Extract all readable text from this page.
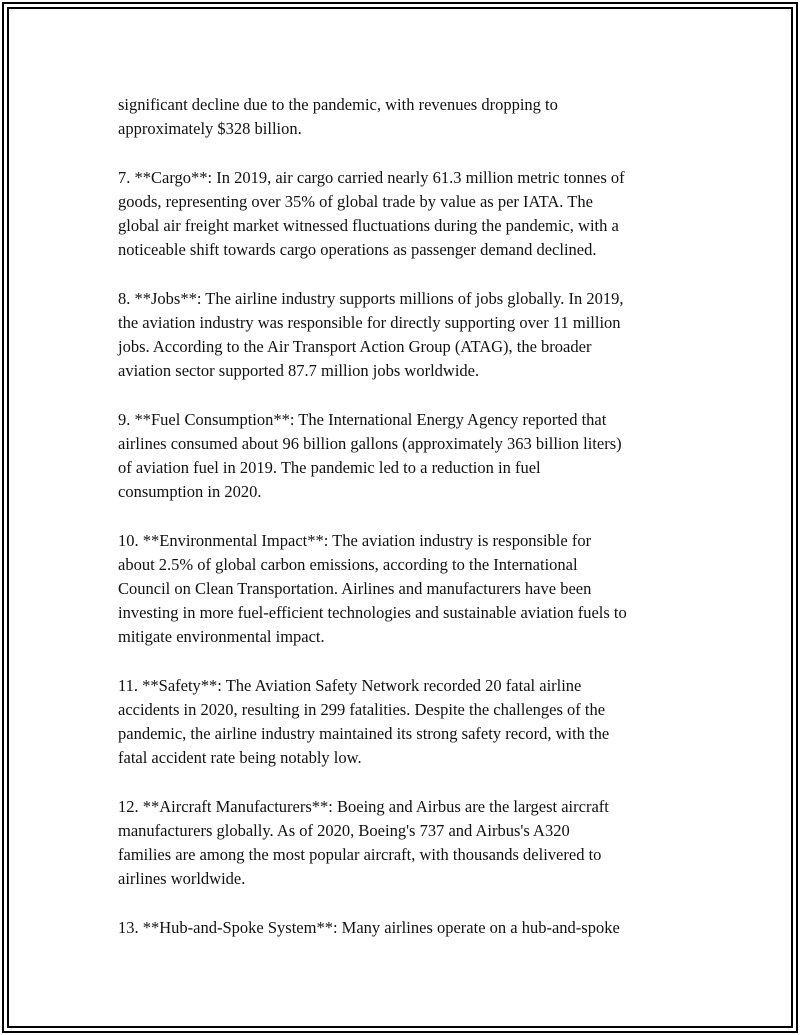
significant decline due to the pandemic, with revenues dropping to
approximately $328 billion.

7. **Cargo**: In 2019, air cargo carried nearly 61.3 million metric tonnes of
goods, representing over 35% of global trade by value as per IATA. The
global air freight market witnessed fluctuations during the pandemic, with a
noticeable shift towards cargo operations as passenger demand declined.

8. **Jobs**: The airline industry supports millions of jobs globally. In 2019,
the aviation industry was responsible for directly supporting over 11 million
jobs. According to the Air Transport Action Group (ATAG), the broader
aviation sector supported 87.7 million jobs worldwide.

9. **Fuel Consumption**: The International Energy Agency reported that
airlines consumed about 96 billion gallons (approximately 363 billion liters)
of aviation fuel in 2019. The pandemic led to a reduction in fuel
consumption in 2020.

10. **Environmental Impact**: The aviation industry is responsible for
about 2.5% of global carbon emissions, according to the International
Council on Clean Transportation. Airlines and manufacturers have been
investing in more fuel-efficient technologies and sustainable aviation fuels to
mitigate environmental impact.

11. **Safety**: The Aviation Safety Network recorded 20 fatal airline
accidents in 2020, resulting in 299 fatalities. Despite the challenges of the
pandemic, the airline industry maintained its strong safety record, with the
fatal accident rate being notably low.

12. **Aircraft Manufacturers**: Boeing and Airbus are the largest aircraft
manufacturers globally. As of 2020, Boeing's 737 and Airbus's A320
families are among the most popular aircraft, with thousands delivered to
airlines worldwide.

13. **Hub-and-Spoke System**: Many airlines operate on a hub-and-spoke
